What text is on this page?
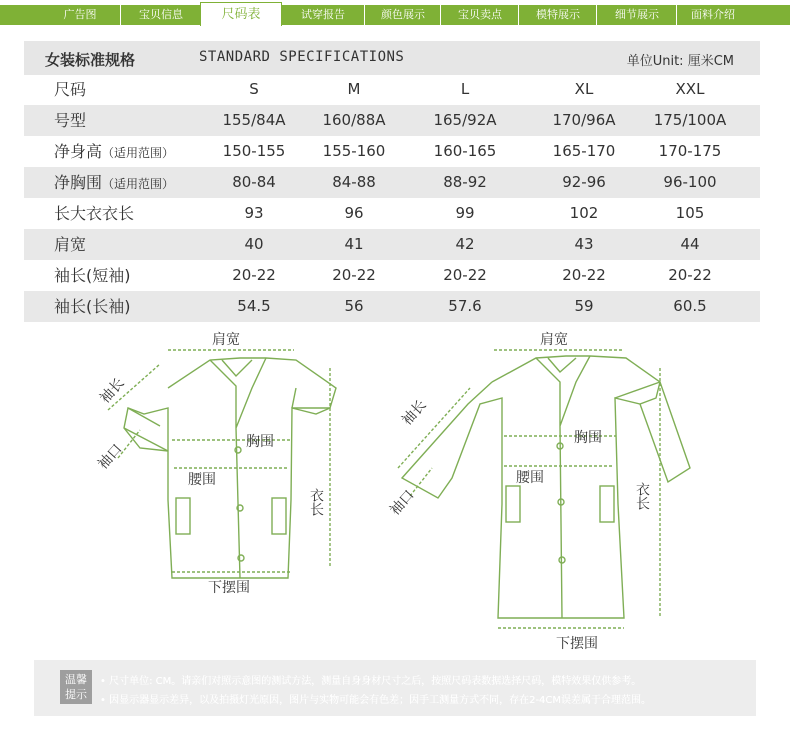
广告图	宝贝信息	尺码表	试穿报告	颜色展示	宝贝卖点	模特展示	细节展示	面料介绍
女装标准规格	STANDARD SPECIFICATIONS	单位Unit: 厘米CM
尺码	S	M	L	XL	XXL
号型	155/84A	160/88A	165/92A	170/96A	175/100A
净身高（适用范围）	150-155	155-160	160-165	165-170	170-175
净胸围（适用范围）	80-84	84-88	88-92	92-96	96-100
长大衣衣长	93	96	99	102	105
肩宽	40	41	42	43	44
袖长(短袖)	20-22	20-22	20-22	20-22	20-22
袖长(长袖)	54.5	56	57.6	59	60.5
肩宽
胸围
腰围
下摆围
肩宽
胸围
腰围
下摆围
衣长	衣长
袖长
袖长
袖口
袖口
温馨提示
• 尺寸单位: CM。请亲们对照示意图的测试方法，测量自身身材尺寸之后，按照尺码表数据选择尺码，模特效果仅供参考。
• 因显示器显示差异，以及拍摄灯光原因，图片与实物可能会有色差；因手工测量方式不同，存在2-4CM误差属于合理范围。
